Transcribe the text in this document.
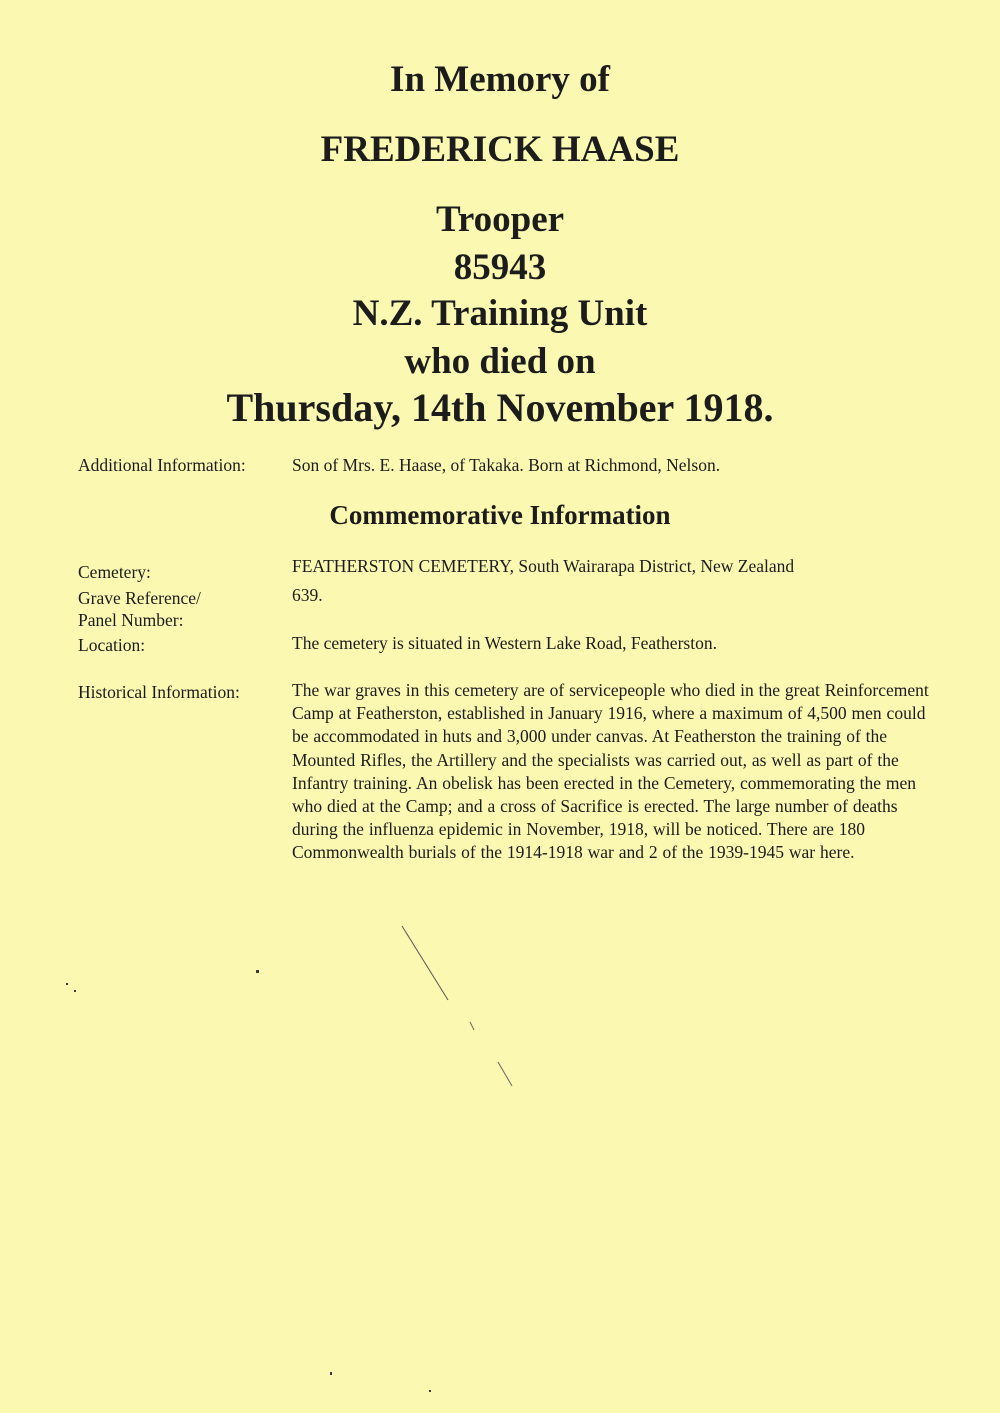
In Memory of
FREDERICK HAASE
Trooper
85943
N.Z. Training Unit
who died on
Thursday, 14th November 1918.
Additional Information:	Son of Mrs. E. Haase, of Takaka. Born at Richmond, Nelson.
Commemorative Information
Cemetery:	FEATHERSTON CEMETERY, South Wairarapa District, New Zealand
Grave Reference/
Panel Number:
639.
Location:	The cemetery is situated in Western Lake Road, Featherston.
Historical Information:	The war graves in this cemetery are of servicepeople who died in the great Reinforcement Camp at Featherston, established in January 1916, where a maximum of 4,500 men could be accommodated in huts and 3,000 under canvas. At Featherston the training of the Mounted Rifles, the Artillery and the specialists was carried out, as well as part of the Infantry training. An obelisk has been erected in the Cemetery, commemorating the men who died at the Camp; and a cross of Sacrifice is erected. The large number of deaths during the influenza epidemic in November, 1918, will be noticed. There are 180 Commonwealth burials of the 1914-1918 war and 2 of the 1939-1945 war here.
